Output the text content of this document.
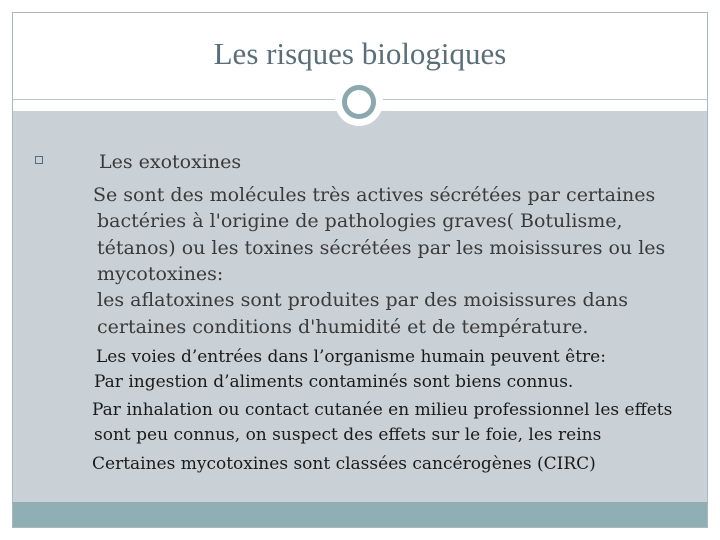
Les risques biologiques
Les exotoxines
Se sont des molécules très actives sécrétées par certaines
bactéries à l'origine de pathologies graves( Botulisme,
tétanos) ou les toxines sécrétées par les moisissures ou les
mycotoxines:
les aflatoxines sont produites par des moisissures dans
certaines conditions d'humidité et de température.
Les voies d’entrées dans l’organisme humain peuvent être:
Par ingestion d’aliments contaminés sont biens connus.
Par inhalation ou contact cutanée en milieu professionnel les effets
sont peu connus, on suspect des effets sur le foie, les reins
Certaines mycotoxines sont classées cancérogènes (CIRC)
